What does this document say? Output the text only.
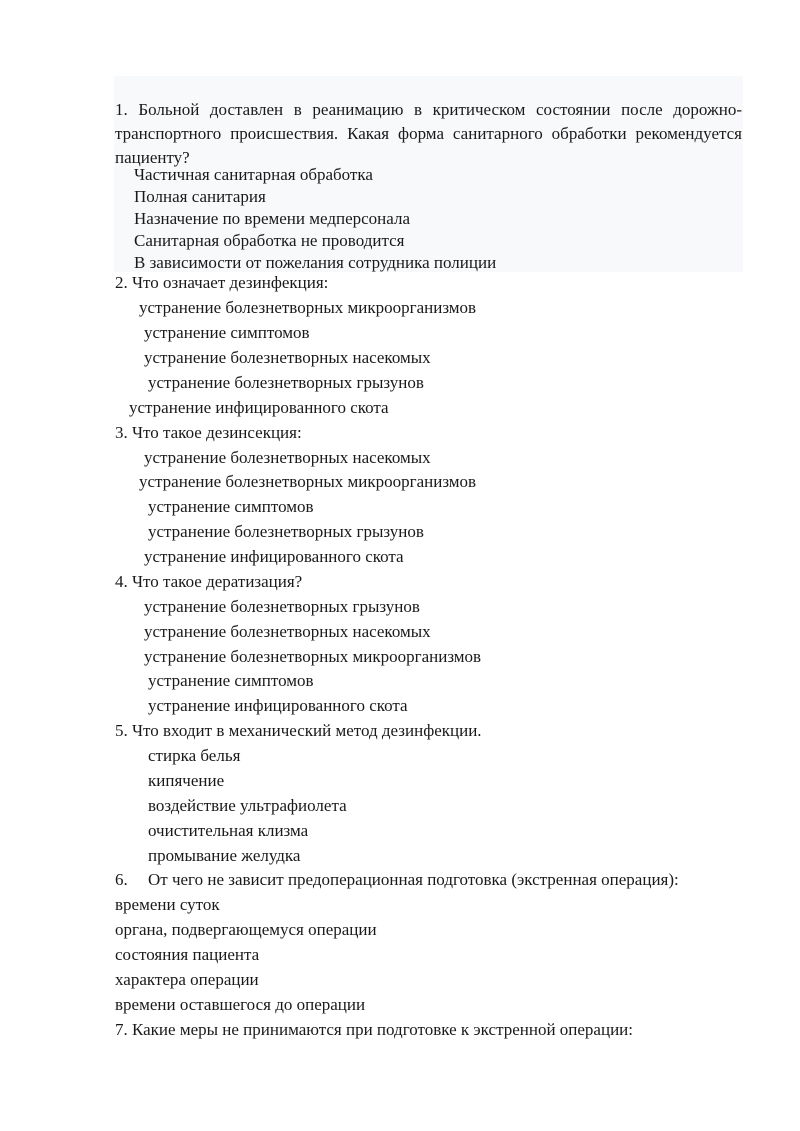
1. Больной доставлен в реанимацию в критическом состоянии после дорожно-транспортного происшествия. Какая форма санитарного обработки рекомендуется пациенту?
Частичная санитарная обработка
Полная санитария
Назначение по времени медперсонала
Санитарная обработка не проводится
В зависимости от пожелания сотрудника полиции
2. Что означает дезинфекция:
устранение болезнетворных микроорганизмов
устранение симптомов
устранение болезнетворных насекомых
устранение болезнетворных грызунов
устранение инфицированного скота
3. Что такое дезинсекция:
устранение болезнетворных насекомых
устранение болезнетворных микроорганизмов
устранение симптомов
устранение болезнетворных грызунов
устранение инфицированного скота
4. Что такое дератизация?
устранение болезнетворных грызунов
устранение болезнетворных насекомых
устранение болезнетворных микроорганизмов
устранение симптомов
устранение инфицированного скота
5. Что входит в механический метод дезинфекции.
стирка белья
кипячение
воздействие ультрафиолета
очистительная клизма
промывание желудка
6. От чего не зависит предоперационная подготовка (экстренная операция):
времени суток
органа, подвергающемуся операции
состояния пациента
характера операции
времени оставшегося до операции
7. Какие меры не принимаются при подготовке к экстренной операции:
